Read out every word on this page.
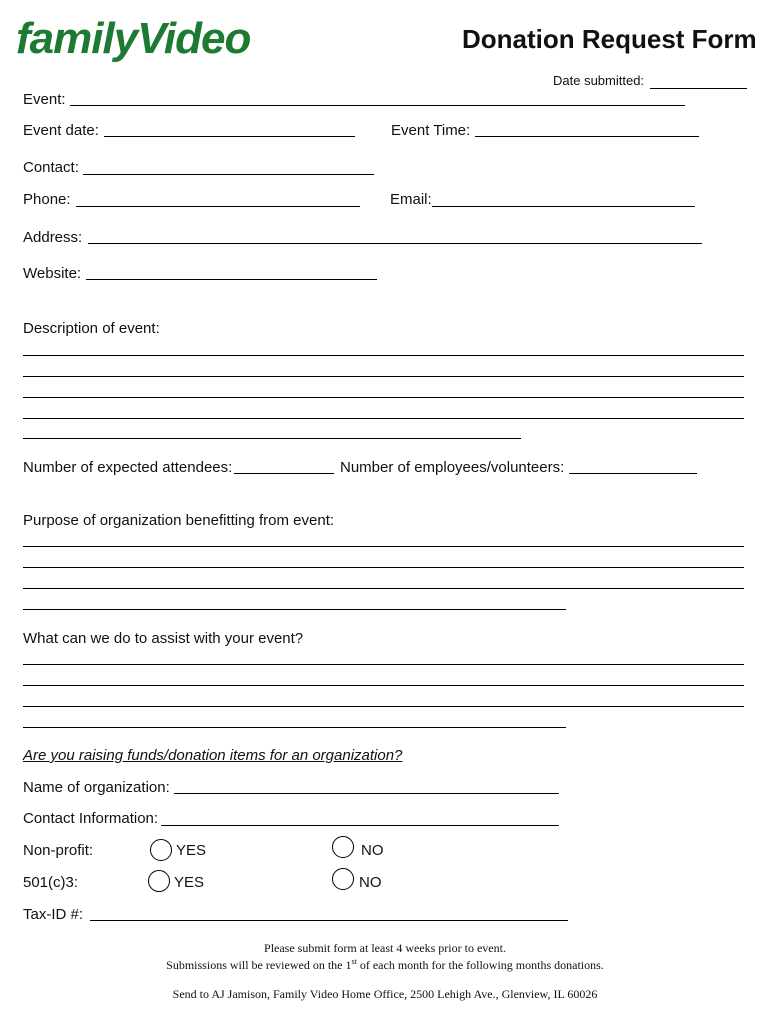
familyVideo	Donation Request Form
Date submitted:
Event:
Event date:	Event Time:
Contact:
Phone:	Email:
Address:
Website:
Description of event:
Number of expected attendees:	Number of employees/volunteers:
Purpose of organization benefitting from event:
What can we do to assist with your event?
Are you raising funds/donation items for an organization?
Name of organization:
Contact Information:
Non-profit:	YES	NO
501(c)3:	YES	NO
Tax-ID #:
Please submit form at least 4 weeks prior to event.
Submissions will be reviewed on the 1st of each month for the following months donations.
Send to AJ Jamison, Family Video Home Office, 2500 Lehigh Ave., Glenview, IL 60026
